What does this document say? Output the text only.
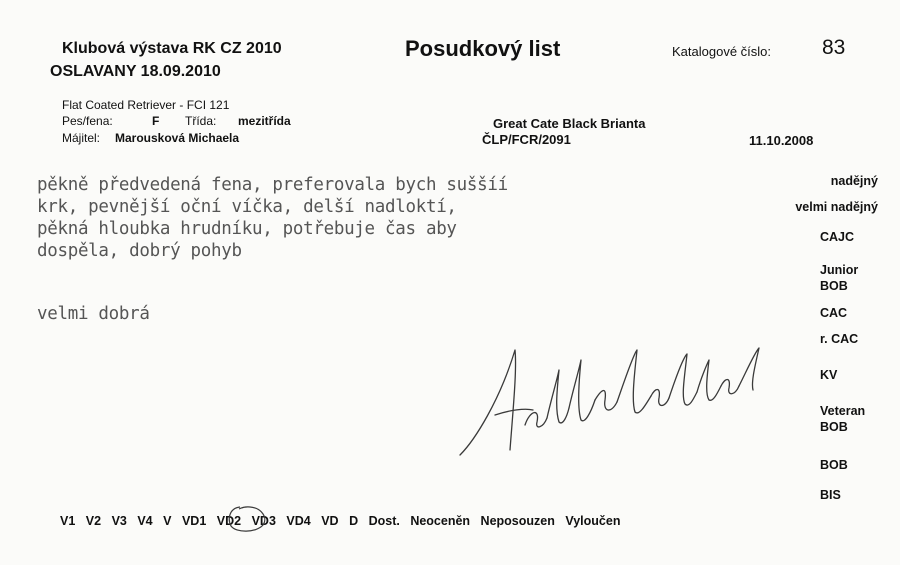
Klubová výstava RK CZ 2010
OSLAVANY 18.09.2010
Posudkový list	Katalogové číslo: 83
Flat Coated Retriever - FCI 121
Pes/fena:	F Třída: mezitřída
Májitel: Marousková Michaela
Great Cate Black Brianta
ČLP/FCR/2091	11.10.2008
pěkně předvedená fena, preferovala bych suššíí
krk, pevnější oční víčka, delší nadloktí,
pěkná hloubka hrudníku, potřebuje čas aby
dospěla, dobrý pohyb
velmi dobrá
nadějný
velmi nadějný
CAJC
Junior
BOB
CAC
r. CAC
KV
Veteran
BOB
BOB
BIS
V1 V2 V3 V4 V VD1 VD2 VD3 VD4 VD D Dost. Neoceněn Neposouzen Vyloučen
